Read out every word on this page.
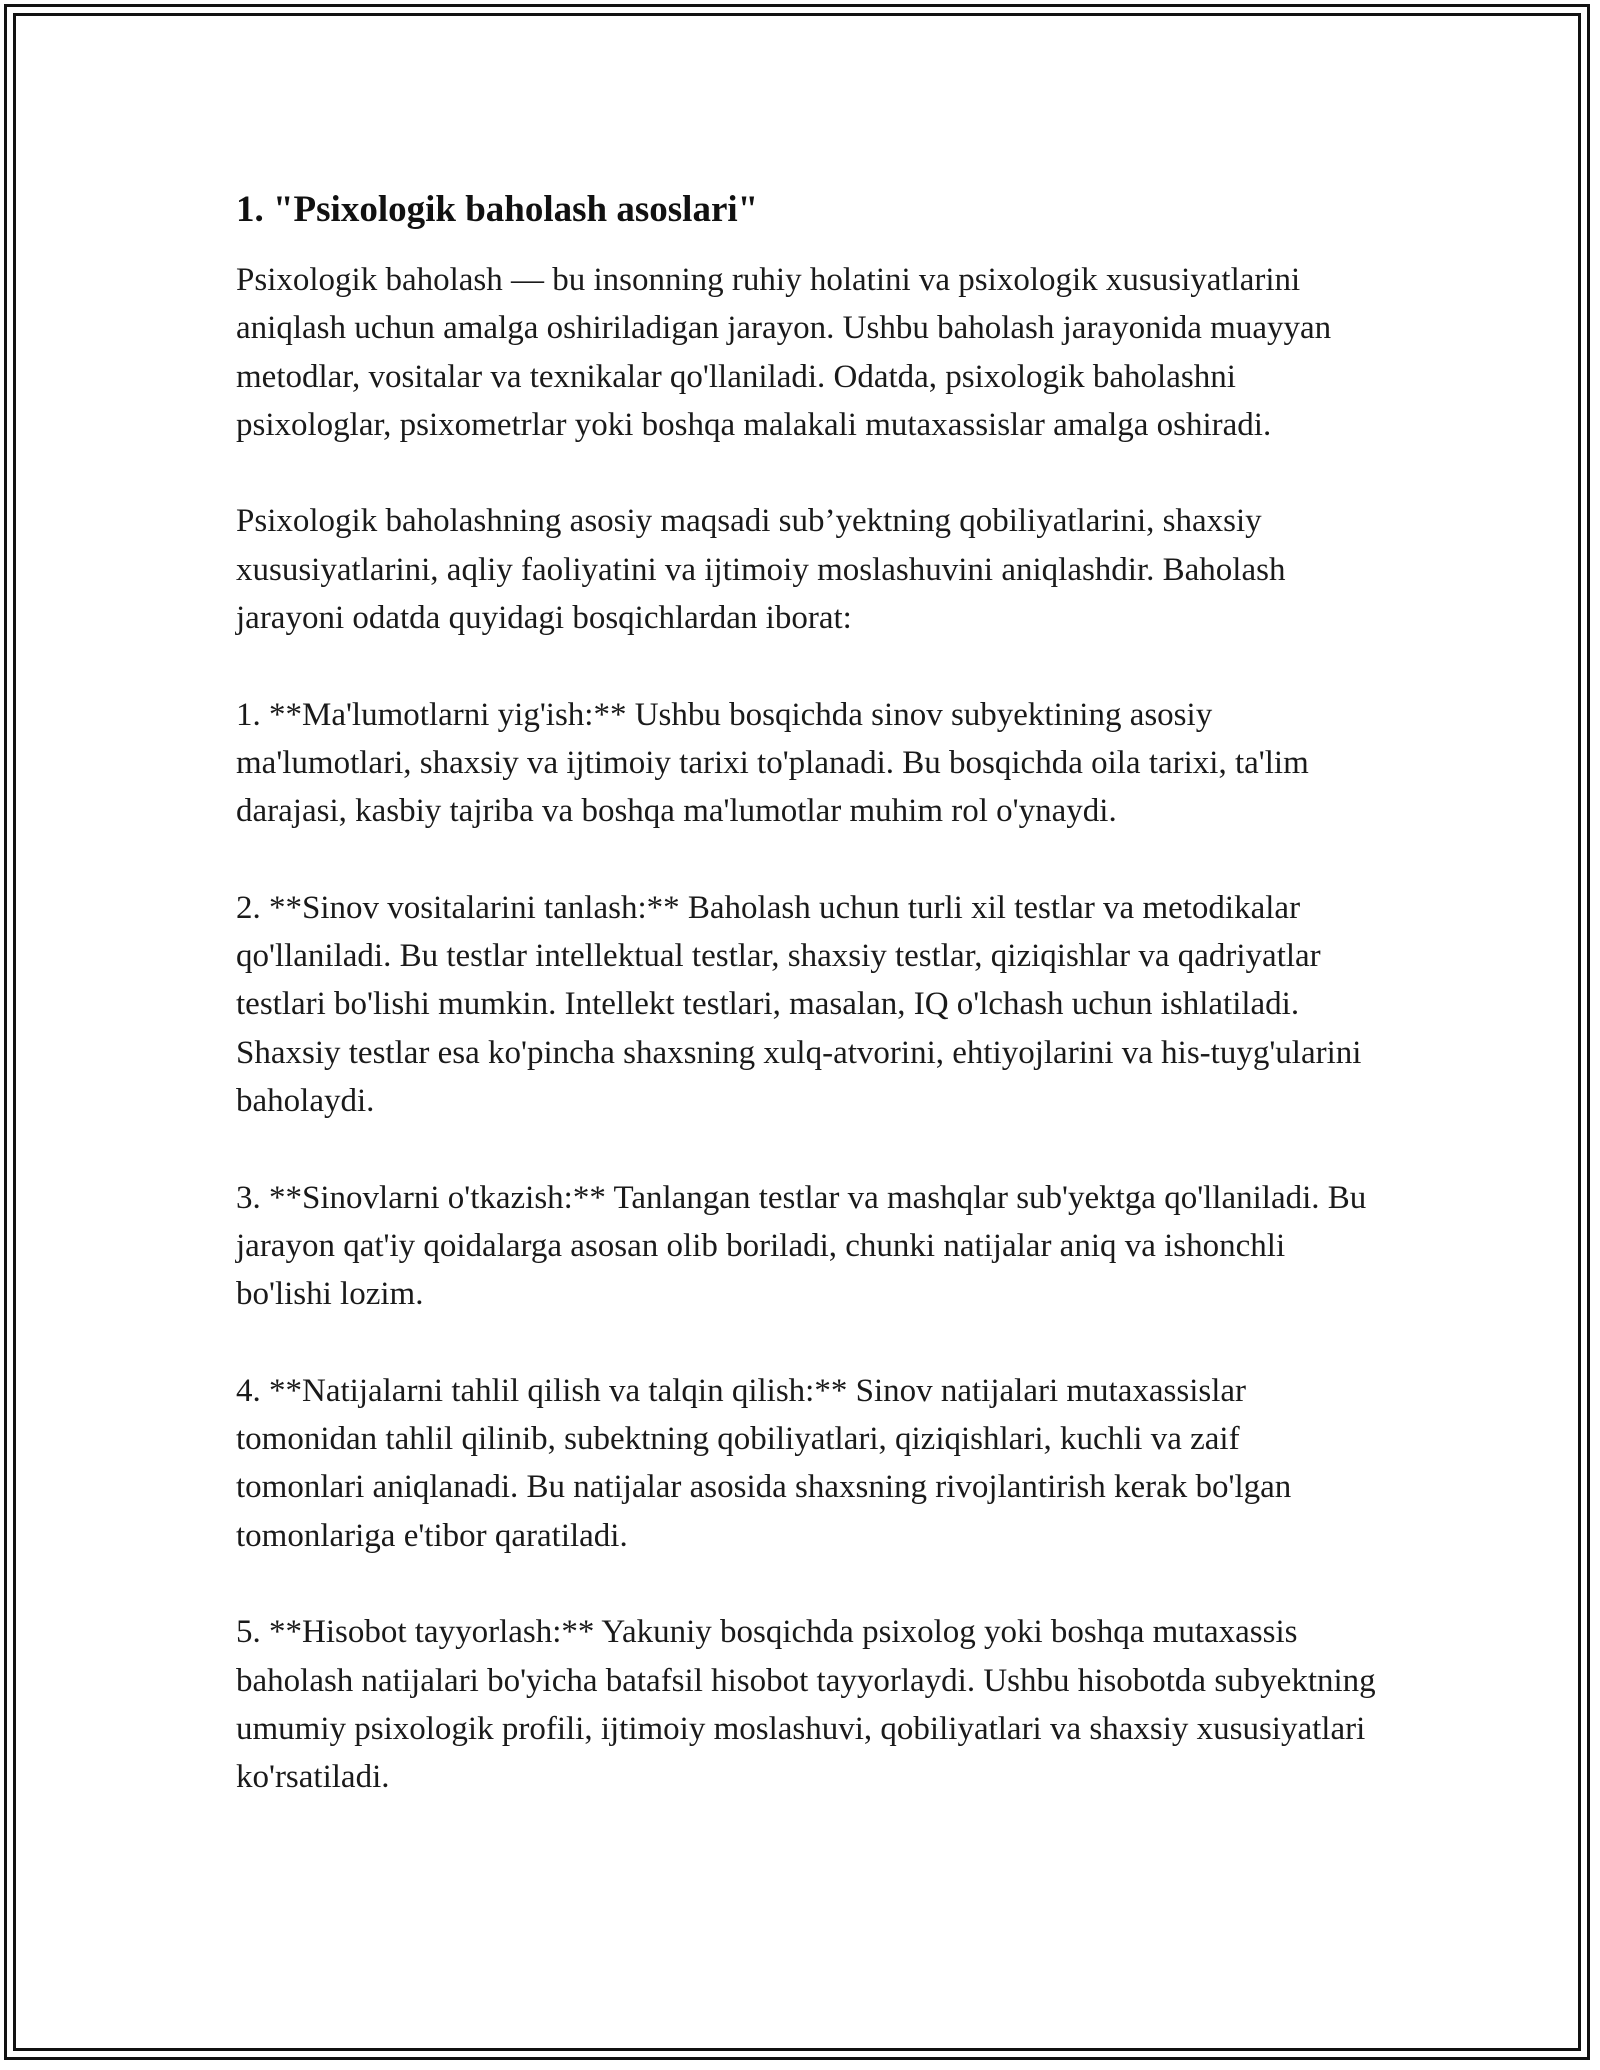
1. "Psixologik baholash asoslari"

Psixologik baholash — bu insonning ruhiy holatini va psixologik xususiyatlarini aniqlash uchun amalga oshiriladigan jarayon. Ushbu baholash jarayonida muayyan metodlar, vositalar va texnikalar qo'llaniladi. Odatda, psixologik baholashni psixologlar, psixometrlar yoki boshqa malakali mutaxassislar amalga oshiradi.

Psixologik baholashning asosiy maqsadi sub’yektning qobiliyatlarini, shaxsiy xususiyatlarini, aqliy faoliyatini va ijtimoiy moslashuvini aniqlashdir. Baholash jarayoni odatda quyidagi bosqichlardan iborat:

1. **Ma'lumotlarni yig'ish:** Ushbu bosqichda sinov subyektining asosiy ma'lumotlari, shaxsiy va ijtimoiy tarixi to'planadi. Bu bosqichda oila tarixi, ta'lim darajasi, kasbiy tajriba va boshqa ma'lumotlar muhim rol o'ynaydi.

2. **Sinov vositalarini tanlash:** Baholash uchun turli xil testlar va metodikalar qo'llaniladi. Bu testlar intellektual testlar, shaxsiy testlar, qiziqishlar va qadriyatlar testlari bo'lishi mumkin. Intellekt testlari, masalan, IQ o'lchash uchun ishlatiladi. Shaxsiy testlar esa ko'pincha shaxsning xulq-atvorini, ehtiyojlarini va his-tuyg'ularini baholaydi.

3. **Sinovlarni o'tkazish:** Tanlangan testlar va mashqlar sub'yektga qo'llaniladi. Bu jarayon qat'iy qoidalarga asosan olib boriladi, chunki natijalar aniq va ishonchli bo'lishi lozim.

4. **Natijalarni tahlil qilish va talqin qilish:** Sinov natijalari mutaxassislar tomonidan tahlil qilinib, subektning qobiliyatlari, qiziqishlari, kuchli va zaif tomonlari aniqlanadi. Bu natijalar asosida shaxsning rivojlantirish kerak bo'lgan tomonlariga e'tibor qaratiladi.

5. **Hisobot tayyorlash:** Yakuniy bosqichda psixolog yoki boshqa mutaxassis baholash natijalari bo'yicha batafsil hisobot tayyorlaydi. Ushbu hisobotda subyektning umumiy psixologik profili, ijtimoiy moslashuvi, qobiliyatlari va shaxsiy xususiyatlari ko'rsatiladi.
